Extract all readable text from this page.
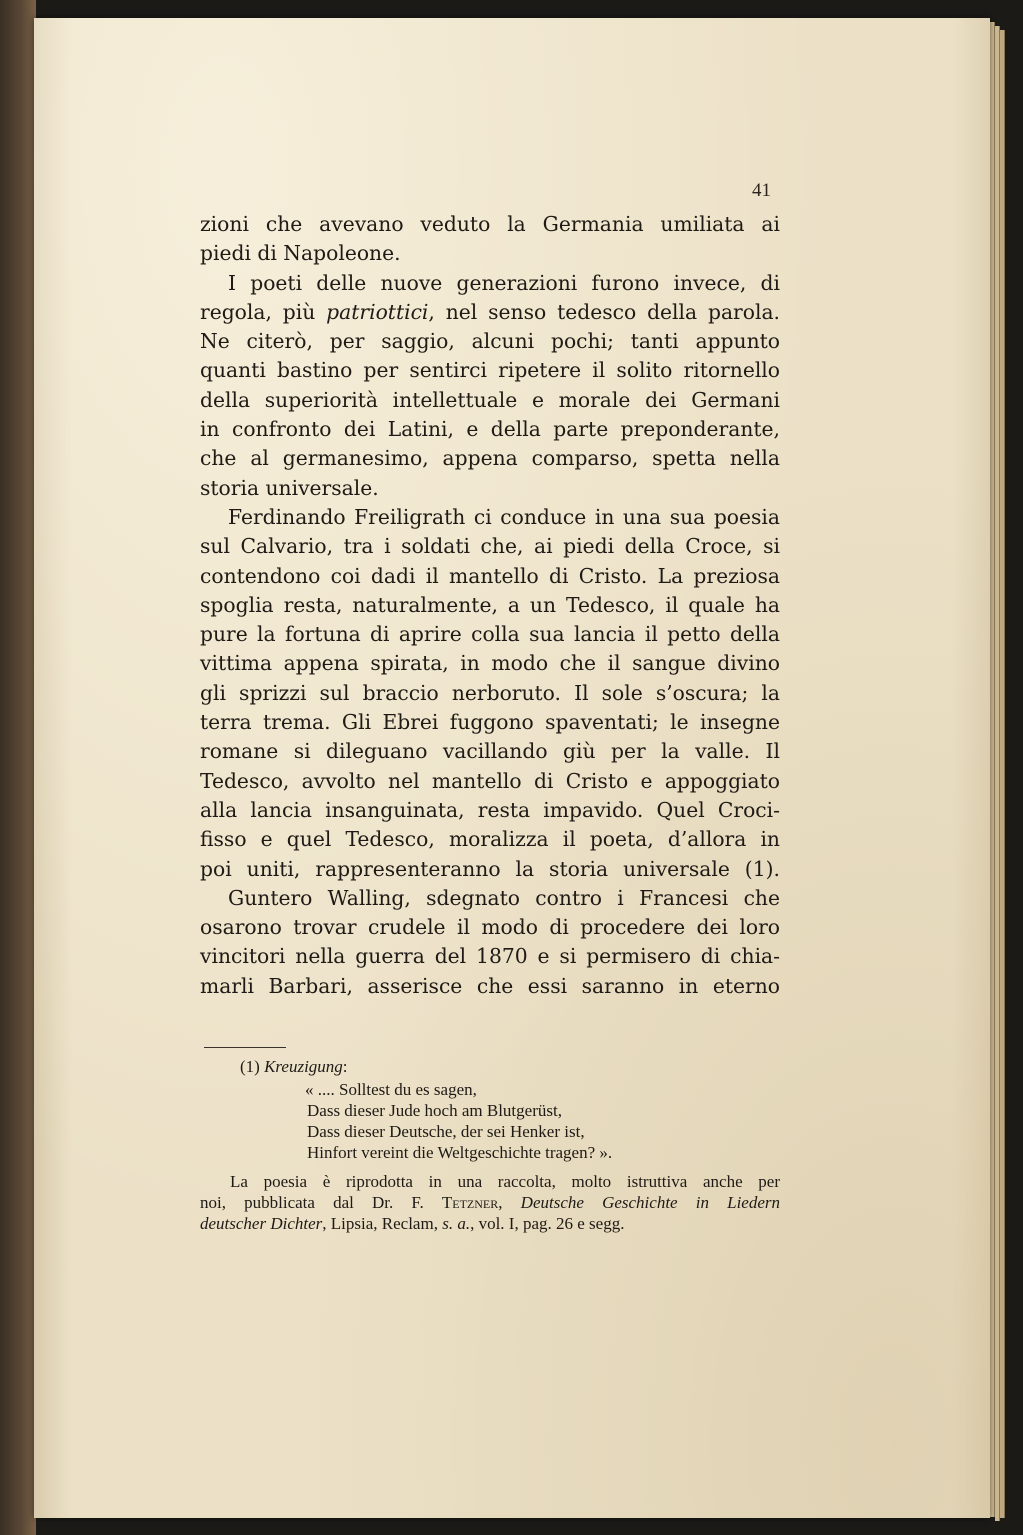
41
zioni che avevano veduto la Germania umiliata ai
piedi di Napoleone.
I poeti delle nuove generazioni furono invece, di
regola, più patriottici, nel senso tedesco della parola.
Ne citerò, per saggio, alcuni pochi; tanti appunto
quanti bastino per sentirci ripetere il solito ritornello
della superiorità intellettuale e morale dei Germani
in confronto dei Latini, e della parte preponderante,
che al germanesimo, appena comparso, spetta nella
storia universale.
Ferdinando Freiligrath ci conduce in una sua poesia
sul Calvario, tra i soldati che, ai piedi della Croce, si
contendono coi dadi il mantello di Cristo. La preziosa
spoglia resta, naturalmente, a un Tedesco, il quale ha
pure la fortuna di aprire colla sua lancia il petto della
vittima appena spirata, in modo che il sangue divino
gli sprizzi sul braccio nerboruto. Il sole s’oscura; la
terra trema. Gli Ebrei fuggono spaventati; le insegne
romane si dileguano vacillando giù per la valle. Il
Tedesco, avvolto nel mantello di Cristo e appoggiato
alla lancia insanguinata, resta impavido. Quel Croci-
fisso e quel Tedesco, moralizza il poeta, d’allora in
poi uniti, rappresenteranno la storia universale (1).
Guntero Walling, sdegnato contro i Francesi che
osarono trovar crudele il modo di procedere dei loro
vincitori nella guerra del 1870 e si permisero di chia-
marli Barbari, asserisce che essi saranno in eterno
(1) Kreuzigung:
« .... Solltest du es sagen,
Dass dieser Jude hoch am Blutgerüst,
Dass dieser Deutsche, der sei Henker ist,
Hinfort vereint die Weltgeschichte tragen? ».
La poesia è riprodotta in una raccolta, molto istruttiva anche per
noi, pubblicata dal Dr. F. Tetzner, Deutsche Geschichte in Liedern
deutscher Dichter, Lipsia, Reclam, s. a., vol. I, pag. 26 e segg.
